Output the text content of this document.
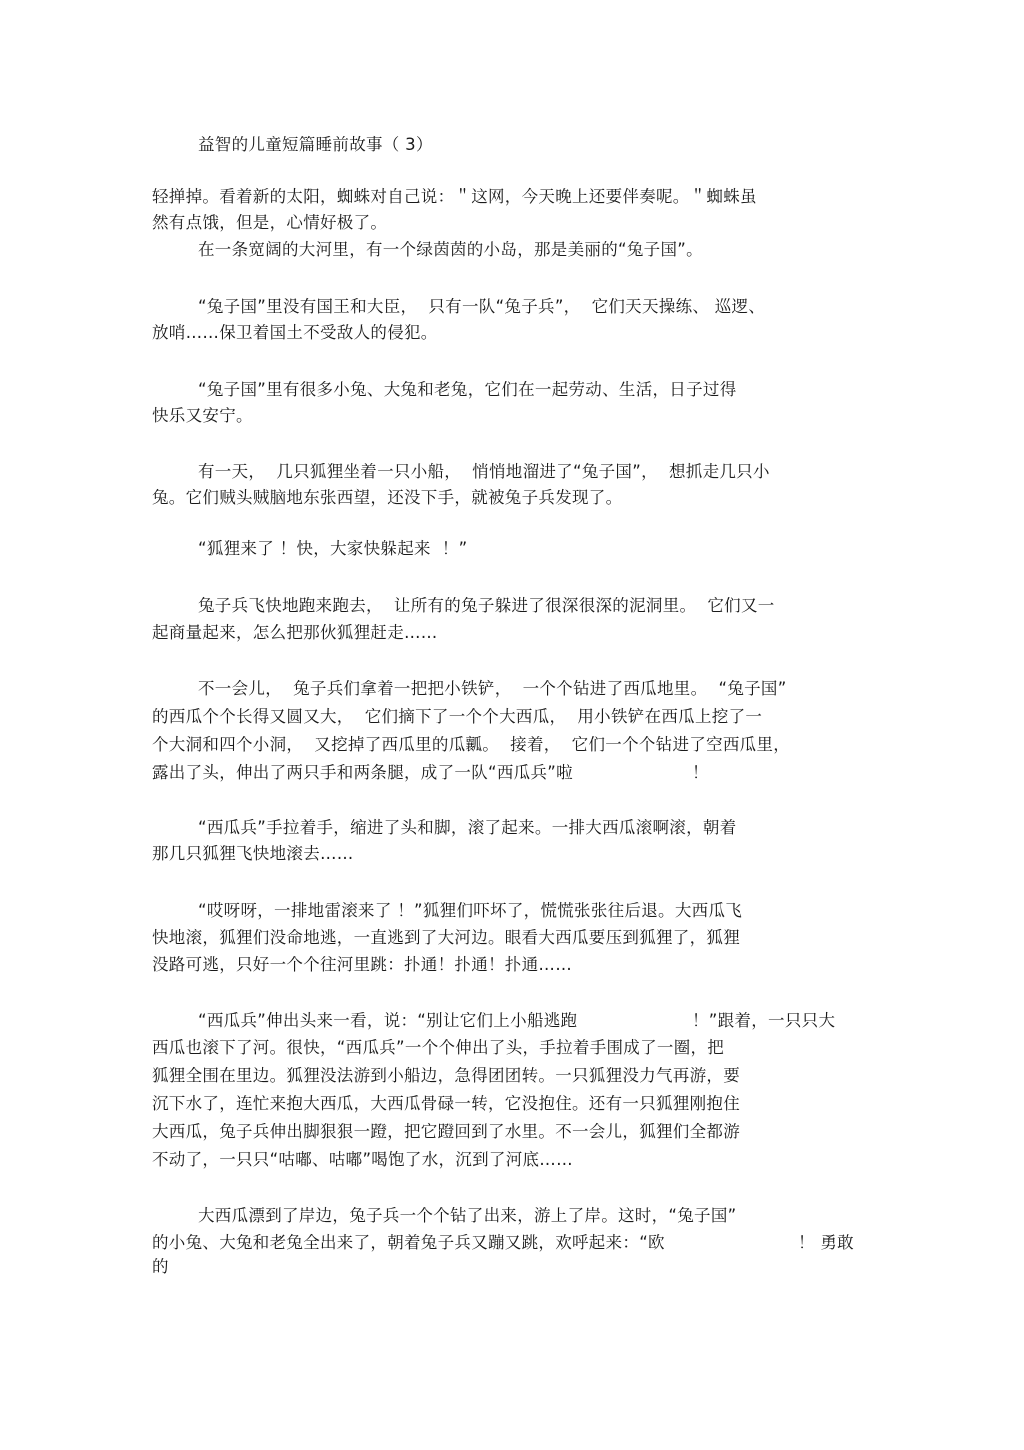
益智的儿童短篇睡前故事（ 3）
轻掸掉。看着新的太阳，蜘蛛对自己说：＂这网，今天晚上还要伴奏呢。＂蜘蛛虽
然有点饿，但是，心情好极了。
在一条宽阔的大河里，有一个绿茵茵的小岛，那是美丽的“兔子国”。
“兔子国”里没有国王和大臣，  只有一队“兔子兵”，  它们天天操练、 巡逻、
放哨……保卫着国土不受敌人的侵犯。
“兔子国”里有很多小兔、大兔和老兔，它们在一起劳动、生活，日子过得
快乐又安宁。
有一天，  几只狐狸坐着一只小船，  悄悄地溜进了“兔子国”，  想抓走几只小
兔。它们贼头贼脑地东张西望，还没下手，就被兔子兵发现了。
“狐狸来了 ！快，大家快躲起来  ！”
兔子兵飞快地跑来跑去，  让所有的兔子躲进了很深很深的泥洞里。  它们又一
起商量起来，怎么把那伙狐狸赶走……
不一会儿，  兔子兵们拿着一把把小铁铲，  一个个钻进了西瓜地里。  “兔子国”
的西瓜个个长得又圆又大，  它们摘下了一个个大西瓜，  用小铁铲在西瓜上挖了一
个大洞和四个小洞，  又挖掉了西瓜里的瓜瓤。  接着，  它们一个个钻进了空西瓜里，
露出了头，伸出了两只手和两条腿，成了一队“西瓜兵”啦	！
“西瓜兵”手拉着手，缩进了头和脚，滚了起来。一排大西瓜滚啊滚，朝着
那几只狐狸飞快地滚去……
“哎呀呀，一排地雷滚来了 ！”狐狸们吓坏了，慌慌张张往后退。大西瓜飞
快地滚，狐狸们没命地逃，一直逃到了大河边。眼看大西瓜要压到狐狸了，狐狸
没路可逃，只好一个个往河里跳：扑通！扑通！扑通……
“西瓜兵”伸出头来一看，说：“别让它们上小船逃跑	！”跟着，一只只大
西瓜也滚下了河。很快，“西瓜兵”一个个伸出了头，手拉着手围成了一圈，把
狐狸全围在里边。狐狸没法游到小船边，急得团团转。一只狐狸没力气再游，要
沉下水了，连忙来抱大西瓜，大西瓜骨碌一转，它没抱住。还有一只狐狸刚抱住
大西瓜，兔子兵伸出脚狠狠一蹬，把它蹬回到了水里。不一会儿，狐狸们全都游
不动了，一只只“咕嘟、咕嘟”喝饱了水，沉到了河底……
大西瓜漂到了岸边，兔子兵一个个钻了出来，游上了岸。这时，“兔子国”
的小兔、大兔和老兔全出来了，朝着兔子兵又蹦又跳，欢呼起来：“欧	！ 勇敢
的
